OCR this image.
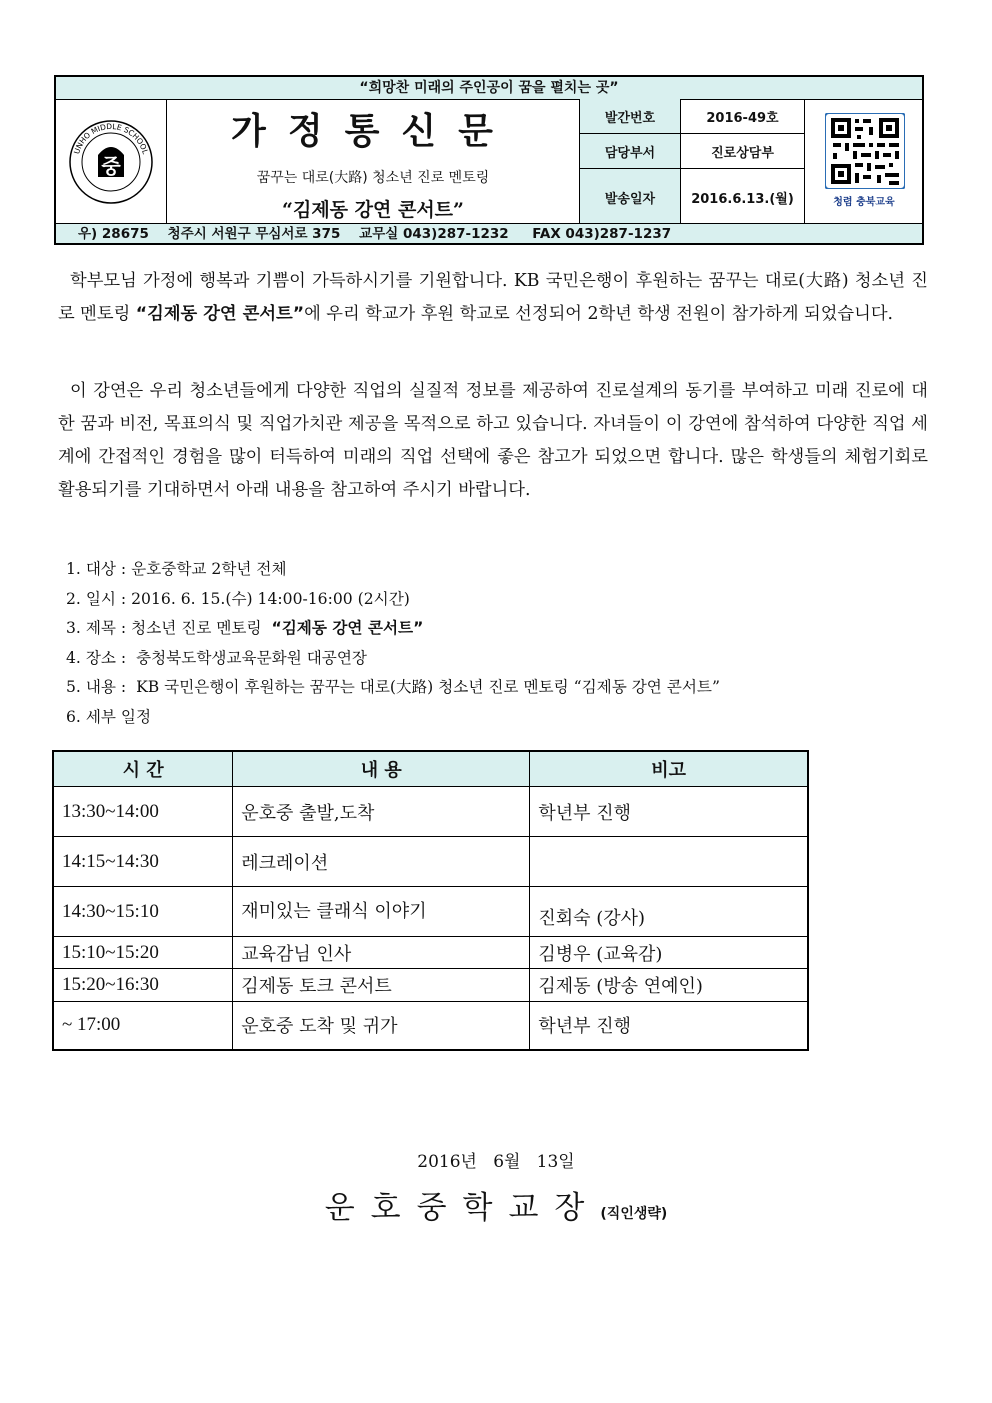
“희망찬 미래의 주인공이 꿈을 펼치는 곳”
중
UNHO MIDDLE SCHOOL	가정통신문
꿈꾸는 대로(大路) 청소년 진로 멘토링
“김제동 강연 콘서트”
발간번호	2016-49호
담당부서	진로상담부
발송일자	2016.6.13.(월)	청렴 충북교육
우) 28675    청주시 서원구 무심서로 375    교무실 043)287-1232     FAX 043)287-1237
학부모님 가정에 행복과 기쁨이 가득하시기를 기원합니다. KB 국민은행이 후원하는 꿈꾸는 대로(大路) 청소년 진로 멘토링 “김제동 강연 콘서트”에 우리 학교가 후원 학교로 선정되어 2학년 학생 전원이 참가하게 되었습니다.
이 강연은 우리 청소년들에게 다양한 직업의 실질적 정보를 제공하여 진로설계의 동기를 부여하고 미래 진로에 대한 꿈과 비전, 목표의식 및 직업가치관 제공을 목적으로 하고 있습니다. 자녀들이 이 강연에 참석하여 다양한 직업 세계에 간접적인 경험을 많이 터득하여 미래의 직업 선택에 좋은 참고가 되었으면 합니다. 많은 학생들의 체험기회로 활용되기를 기대하면서 아래 내용을 참고하여 주시기 바랍니다.
1. 대상 : 운호중학교 2학년 전체
2. 일시 : 2016. 6. 15.(수) 14:00-16:00 (2시간)
3. 제목 : 청소년 진로 멘토링  “김제동 강연 콘서트”
4. 장소 :  충청북도학생교육문화원 대공연장
5. 내용 :  KB 국민은행이 후원하는 꿈꾸는 대로(大路) 청소년 진로 멘토링 “김제동 강연 콘서트”
6. 세부 일정
시 간	내 용	비고
13:30~14:00	운호중 출발,도착	학년부 진행
14:15~14:30	레크레이션	
14:30~15:10	재미있는 클래식 이야기	진회숙 (강사)
15:10~15:20	교육감님 인사	김병우 (교육감)
15:20~16:30	김제동 토크 콘서트	김제동 (방송 연예인)
~ 17:00	운호중 도착 및 귀가	학년부 진행
2016년   6월   13일
운호중학교장(직인생략)
